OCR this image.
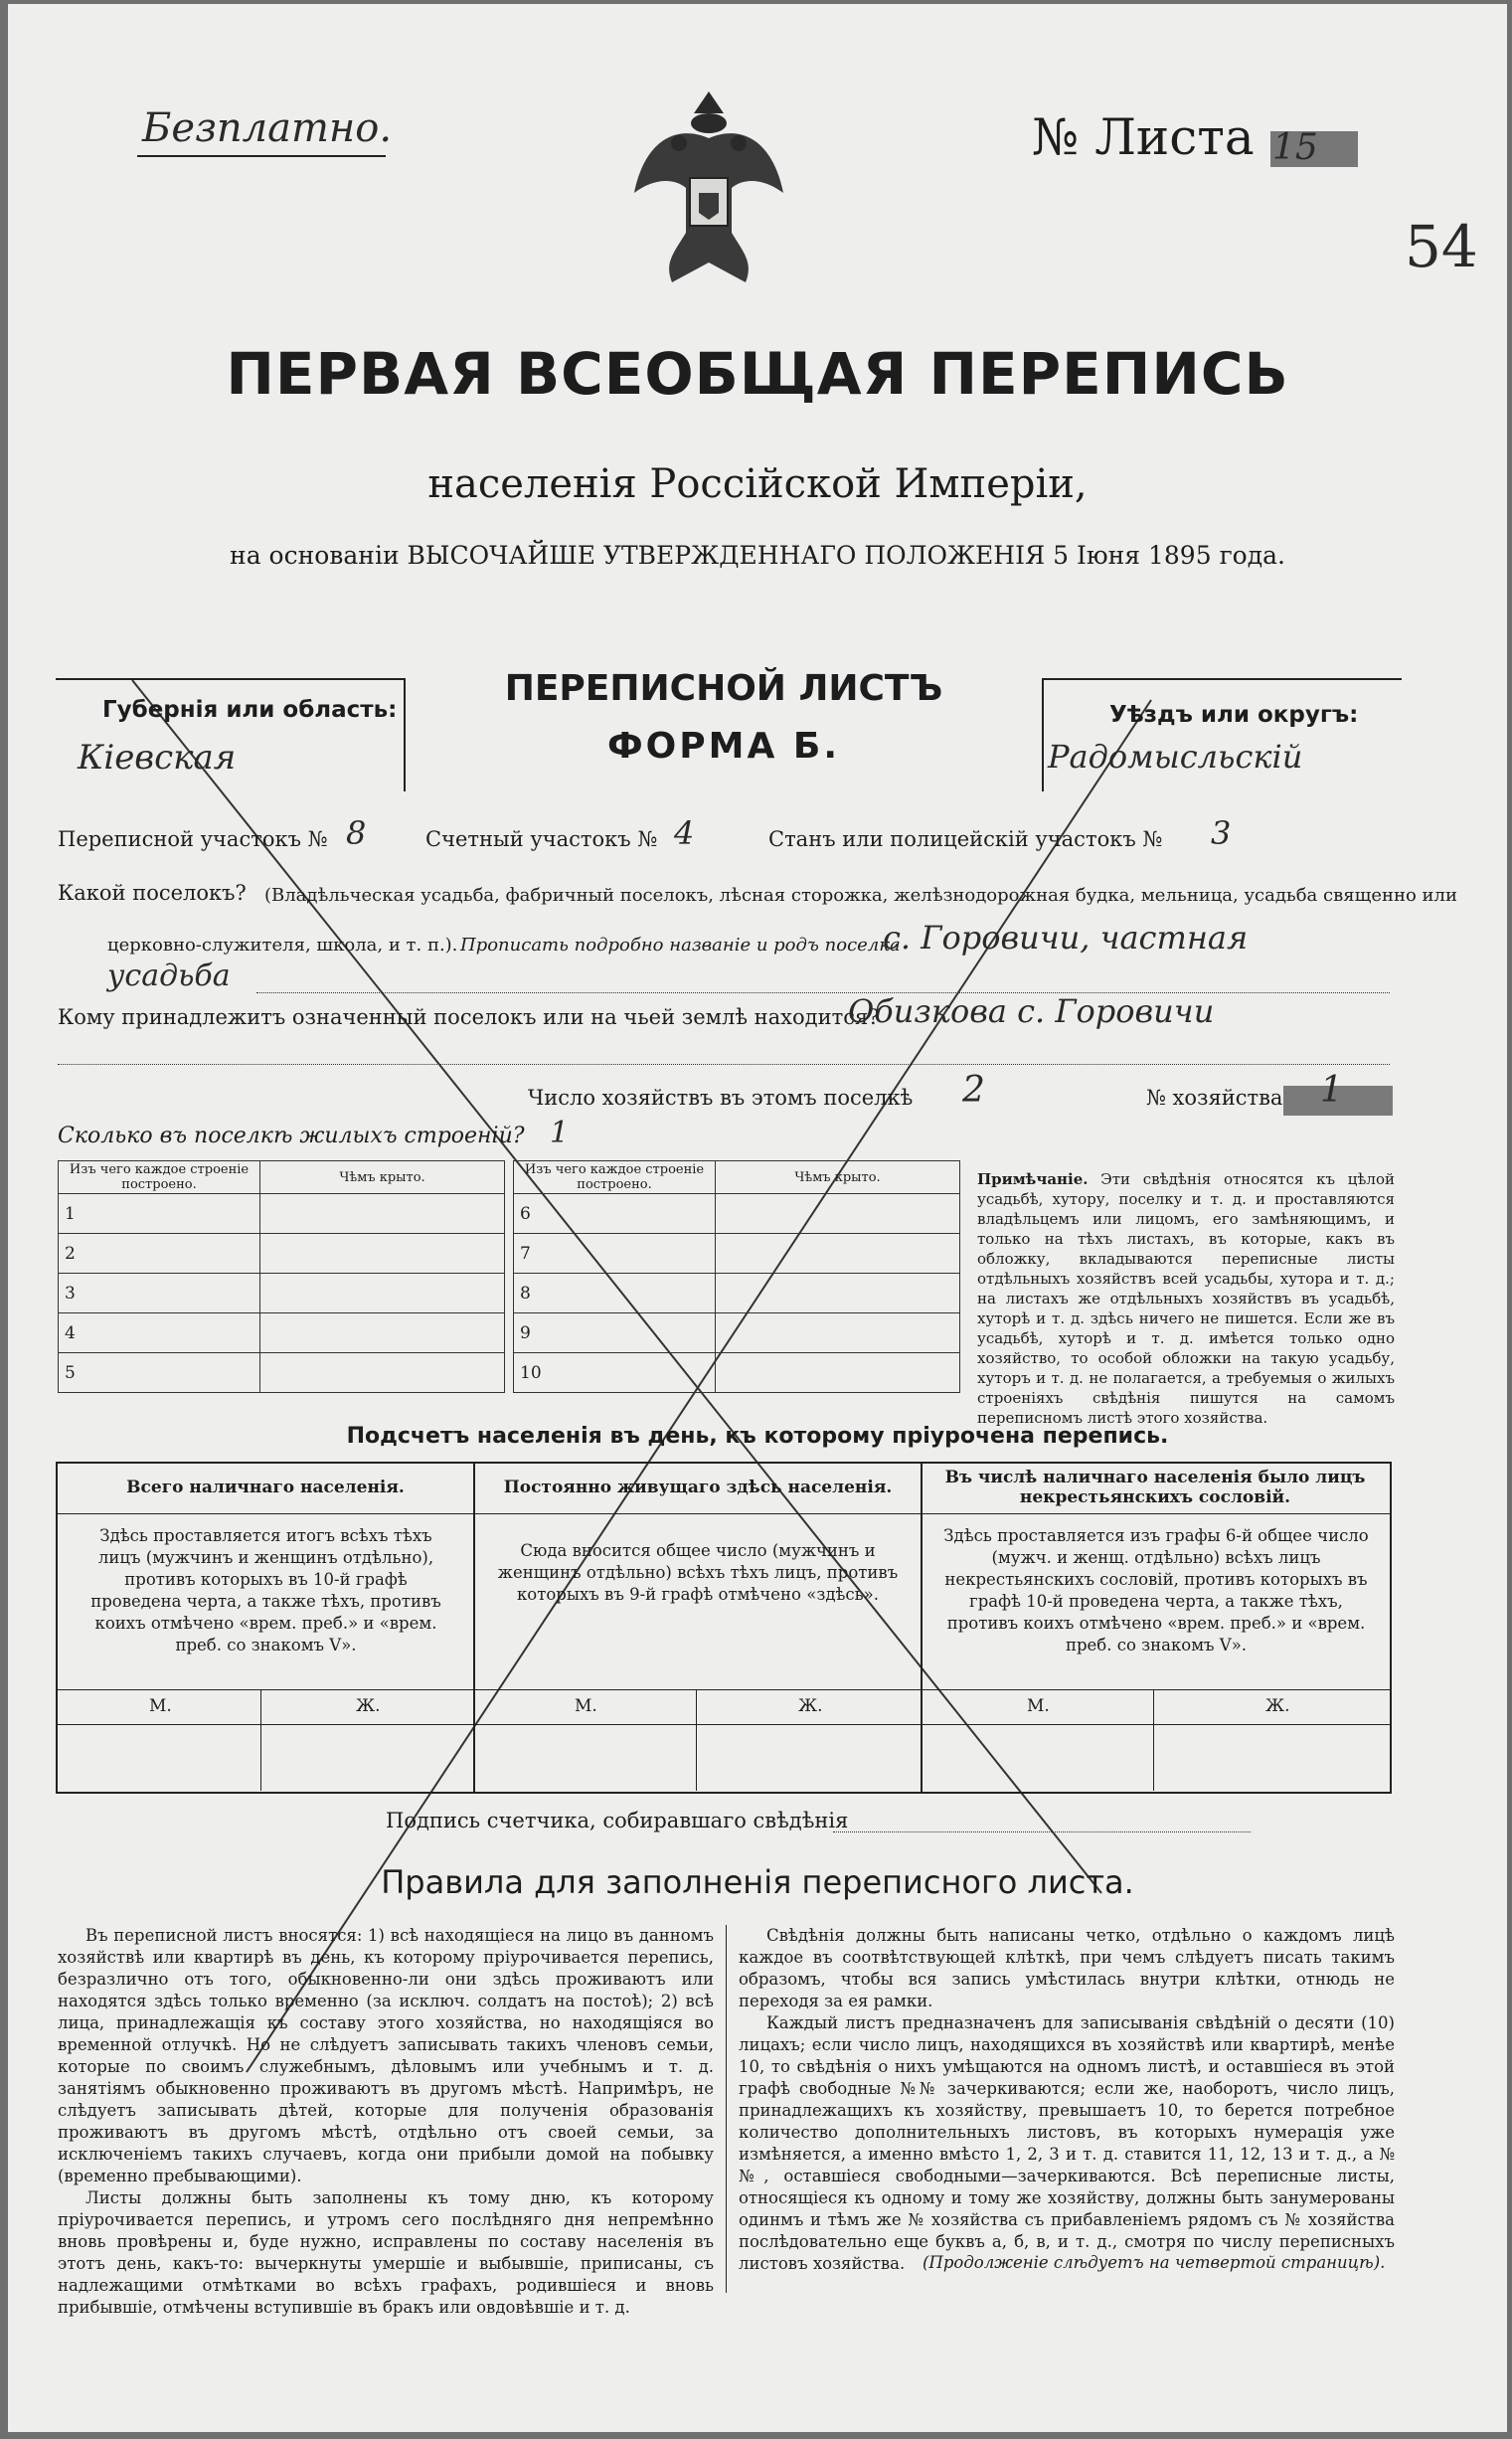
Безплатно.	№ Листа 15
54
ПЕРВАЯ ВСЕОБЩАЯ ПЕРЕПИСЬ
населенія Россійской Имперіи,
на основаніи ВЫСОЧАЙШЕ УТВЕРЖДЕННАГО ПОЛОЖЕНІЯ 5 Іюня 1895 года.
Губернія или область:
Кіевская
ПЕРЕПИСНОЙ ЛИСТЪ
ФОРМА Б.
Уѣздъ или округъ:
Радомысльскій
Переписной участокъ № 8	Счетный участокъ № 4	Станъ или полицейскій участокъ № 3
Какой поселокъ? (Владѣльческая усадьба, фабричный поселокъ, лѣсная сторожка, желѣзнодорожная будка, мельница, усадьба священно или
церковно-служителя, школа, и т. п.). Прописать подробно названіе и родъ поселка
с. Горовичи, частная
усадьба
Кому принадлежитъ означенный поселокъ или на чьей землѣ находится?
Обизкова с. Горовичи
Число хозяйствъ въ этомъ поселкѣ 2	№ хозяйства 1
Сколько въ поселкѣ жилыхъ строеній? 1
Изъ чего каждое строеніе построено.	Чѣмъ крыто.
1	
2	
3	
4	
5	
Изъ чего каждое строеніе построено.	Чѣмъ крыто.
6	
7	
8	
9	
10	
Примѣчаніе. Эти свѣдѣнія относятся къ цѣлой усадьбѣ, хутору, поселку и т. д. и проставляются владѣльцемъ или лицомъ, его замѣняющимъ, и только на тѣхъ листахъ, въ которые, какъ въ обложку, вкладываются переписные листы отдѣльныхъ хозяйствъ всей усадьбы, хутора и т. д.; на листахъ же отдѣльныхъ хозяйствъ въ усадьбѣ, хуторѣ и т. д. здѣсь ничего не пишется. Если же въ усадьбѣ, хуторѣ и т. д. имѣется только одно хозяйство, то особой обложки на такую усадьбу, хуторъ и т. д. не полагается, а требуемыя о жилыхъ строеніяхъ свѣдѣнія пишутся на самомъ переписномъ листѣ этого хозяйства.
Подсчетъ населенія въ день, къ которому пріурочена перепись.
Всего наличнаго населенія.
Здѣсь проставляется итогъ всѣхъ тѣхъ лицъ (мужчинъ и женщинъ отдѣльно), противъ которыхъ въ 10-й графѣ проведена черта, а также тѣхъ, противъ коихъ отмѣчено «врем. преб.» и «врем. преб. со знакомъ V».
Постоянно живущаго здѣсь населенія.
Сюда вносится общее число (мужчинъ и женщинъ отдѣльно) всѣхъ тѣхъ лицъ, противъ которыхъ въ 9-й графѣ отмѣчено «здѣсь».
Въ числѣ наличнаго населенія было лицъ некрестьянскихъ сословій.
Здѣсь проставляется изъ графы 6-й общее число (мужч. и женщ. отдѣльно) всѣхъ лицъ некрестьянскихъ сословій, противъ которыхъ въ графѣ 10-й проведена черта, а также тѣхъ, противъ коихъ отмѣчено «врем. преб.» и «врем. преб. со знакомъ V».
М.	Ж.	М.	Ж.	М.	Ж.
Подпись счетчика, собиравшаго свѣдѣнія
Правила для заполненія переписного листа.

Въ переписной листъ вносятся: 1) всѣ находящіеся на лицо въ данномъ хозяйствѣ или квартирѣ въ день, къ которому пріурочивается перепись, безразлично отъ того, обыкновенно-ли они здѣсь проживаютъ или находятся здѣсь только временно (за исключ. солдатъ на постоѣ); 2) всѣ лица, принадлежащія къ составу этого хозяйства, но находящіяся во временной отлучкѣ. Но не слѣдуетъ записывать такихъ членовъ семьи, которые по своимъ служебнымъ, дѣловымъ или учебнымъ и т. д. занятіямъ обыкновенно проживаютъ въ другомъ мѣстѣ. Напримѣръ, не слѣдуетъ записывать дѣтей, которые для полученія образованія проживаютъ въ другомъ мѣстѣ, отдѣльно отъ своей семьи, за исключеніемъ такихъ случаевъ, когда они прибыли домой на побывку (временно пребывающими).

Листы должны быть заполнены къ тому дню, къ которому пріурочивается перепись, и утромъ сего послѣдняго дня непремѣнно вновь провѣрены и, буде нужно, исправлены по составу населенія въ этотъ день, какъ-то: вычеркнуты умершіе и выбывшіе, приписаны, съ надлежащими отмѣтками во всѣхъ графахъ, родившіеся и вновь прибывшіе, отмѣчены вступившіе въ бракъ или овдовѣвшіе и т. д.

Свѣдѣнія должны быть написаны четко, отдѣльно о каждомъ лицѣ каждое въ соотвѣтствующей клѣткѣ, при чемъ слѣдуетъ писать такимъ образомъ, чтобы вся запись умѣстилась внутри клѣтки, отнюдь не переходя за ея рамки.

Каждый листъ предназначенъ для записыванія свѣдѣній о десяти (10) лицахъ; если число лицъ, находящихся въ хозяйствѣ или квартирѣ, менѣе 10, то свѣдѣнія о нихъ умѣщаются на одномъ листѣ, и оставшіеся въ этой графѣ свободные №№ зачеркиваются; если же, наоборотъ, число лицъ, принадлежащихъ къ хозяйству, превышаетъ 10, то берется потребное количество дополнительныхъ листовъ, въ которыхъ нумерація уже измѣняется, а именно вмѣсто 1, 2, 3 и т. д. ставится 11, 12, 13 и т. д., а №№, оставшіеся свободными—зачеркиваются. Всѣ переписные листы, относящіеся къ одному и тому же хозяйству, должны быть занумерованы одинмъ и тѣмъ же № хозяйства съ прибавленіемъ рядомъ съ № хозяйства послѣдовательно еще буквъ а, б, в, и т. д., смотря по числу переписныхъ листовъ хозяйства.	(Продолженіе слѣдуетъ на четвертой страницѣ).
